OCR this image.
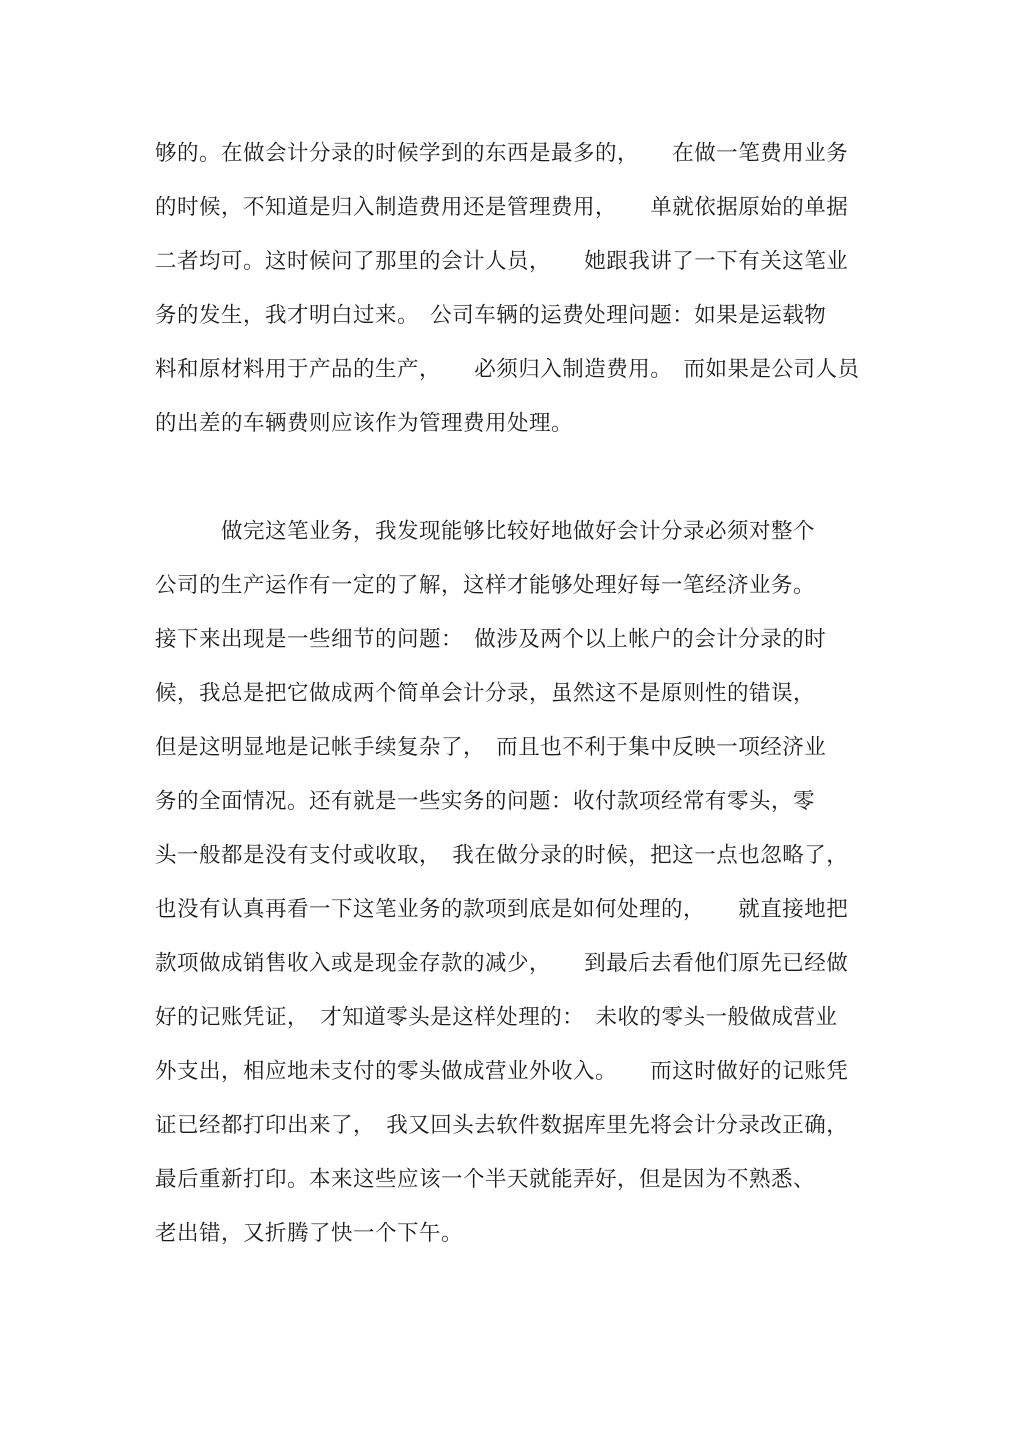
够的。在做会计分录的时候学到的东西是最多的，　　在做一笔费用业务
的时候，不知道是归入制造费用还是管理费用，　　单就依据原始的单据
二者均可。这时候问了那里的会计人员，　　她跟我讲了一下有关这笔业
务的发生，我才明白过来。　公司车辆的运费处理问题：如果是运载物
料和原材料用于产品的生产，　　必须归入制造费用。　而如果是公司人员
的出差的车辆费则应该作为管理费用处理。
　　　做完这笔业务，我发现能够比较好地做好会计分录必须对整个
公司的生产运作有一定的了解，这样才能够处理好每一笔经济业务。
接下来出现是一些细节的问题：　做涉及两个以上帐户的会计分录的时
候，我总是把它做成两个简单会计分录，虽然这不是原则性的错误，
但是这明显地是记帐手续复杂了，　而且也不利于集中反映一项经济业
务的全面情况。还有就是一些实务的问题：收付款项经常有零头，零
头一般都是没有支付或收取，　我在做分录的时候，把这一点也忽略了，
也没有认真再看一下这笔业务的款项到底是如何处理的，　　就直接地把
款项做成销售收入或是现金存款的减少，　　到最后去看他们原先已经做
好的记账凭证，　才知道零头是这样处理的：　未收的零头一般做成营业
外支出，相应地未支付的零头做成营业外收入。　　而这时做好的记账凭
证已经都打印出来了，　我又回头去软件数据库里先将会计分录改正确，
最后重新打印。本来这些应该一个半天就能弄好，但是因为不熟悉、
老出错，又折腾了快一个下午。
